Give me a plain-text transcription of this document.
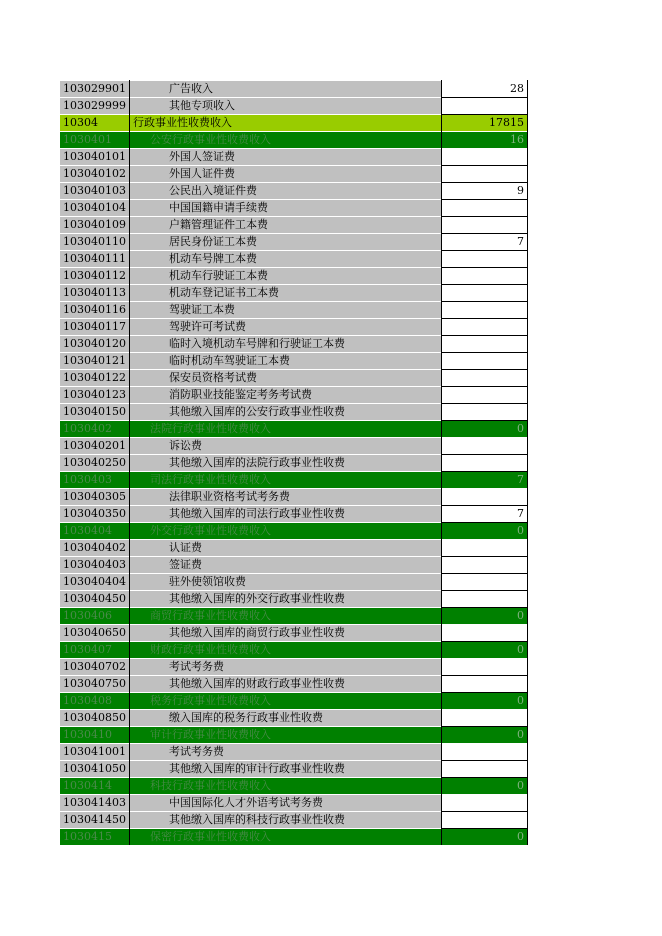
103029901	广告收入	28
103029999	其他专项收入	
10304	行政事业性收费收入	17815
1030401	公安行政事业性收费收入	16
103040101	外国人签证费	
103040102	外国人证件费	
103040103	公民出入境证件费	9
103040104	中国国籍申请手续费	
103040109	户籍管理证件工本费	
103040110	居民身份证工本费	7
103040111	机动车号牌工本费	
103040112	机动车行驶证工本费	
103040113	机动车登记证书工本费	
103040116	驾驶证工本费	
103040117	驾驶许可考试费	
103040120	临时入境机动车号牌和行驶证工本费	
103040121	临时机动车驾驶证工本费	
103040122	保安员资格考试费	
103040123	消防职业技能鉴定考务考试费	
103040150	其他缴入国库的公安行政事业性收费	
1030402	法院行政事业性收费收入	0
103040201	诉讼费	
103040250	其他缴入国库的法院行政事业性收费	
1030403	司法行政事业性收费收入	7
103040305	法律职业资格考试考务费	
103040350	其他缴入国库的司法行政事业性收费	7
1030404	外交行政事业性收费收入	0
103040402	认证费	
103040403	签证费	
103040404	驻外使领馆收费	
103040450	其他缴入国库的外交行政事业性收费	
1030406	商贸行政事业性收费收入	0
103040650	其他缴入国库的商贸行政事业性收费	
1030407	财政行政事业性收费收入	0
103040702	考试考务费	
103040750	其他缴入国库的财政行政事业性收费	
1030408	税务行政事业性收费收入	0
103040850	缴入国库的税务行政事业性收费	
1030410	审计行政事业性收费收入	0
103041001	考试考务费	
103041050	其他缴入国库的审计行政事业性收费	
1030414	科技行政事业性收费收入	0
103041403	中国国际化人才外语考试考务费	
103041450	其他缴入国库的科技行政事业性收费	
1030415	保密行政事业性收费收入	0
